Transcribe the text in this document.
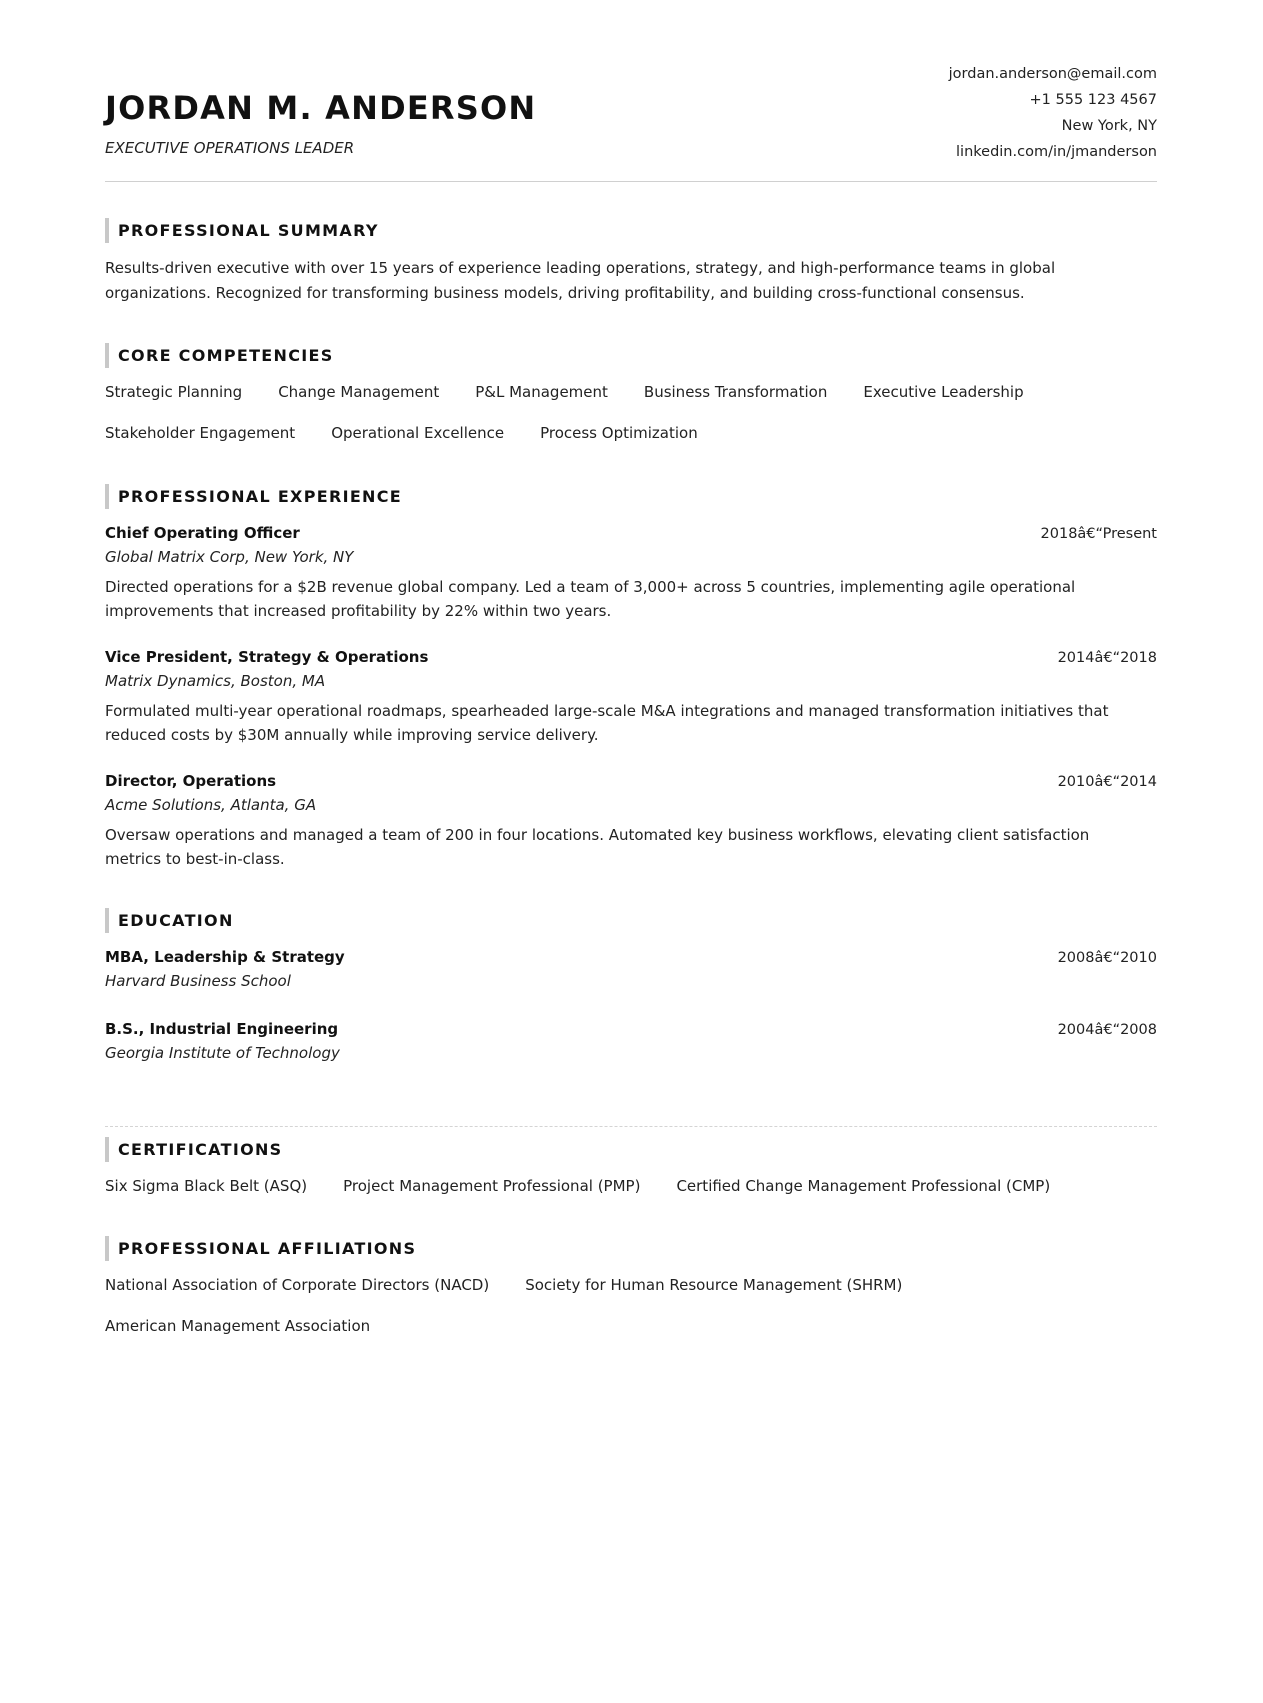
JORDAN M. ANDERSON
EXECUTIVE OPERATIONS LEADER
jordan.anderson@email.com
+1 555 123 4567
New York, NY
linkedin.com/in/jmanderson
PROFESSIONAL SUMMARY

Results-driven executive with over 15 years of experience leading operations, strategy, and high-performance teams in global organizations. Recognized for transforming business models, driving profitability, and building cross-functional consensus.

CORE COMPETENCIES
Strategic Planning Change Management P&L Management Business Transformation Executive Leadership
Stakeholder Engagement Operational Excellence Process Optimization
PROFESSIONAL EXPERIENCE
Chief Operating Officer	2018â€“Present
Global Matrix Corp, New York, NY
Directed operations for a $2B revenue global company. Led a team of 3,000+ across 5 countries, implementing agile operational improvements that increased profitability by 22% within two years.
Vice President, Strategy & Operations	2014â€“2018
Matrix Dynamics, Boston, MA
Formulated multi-year operational roadmaps, spearheaded large-scale M&A integrations and managed transformation initiatives that reduced costs by $30M annually while improving service delivery.
Director, Operations	2010â€“2014
Acme Solutions, Atlanta, GA
Oversaw operations and managed a team of 200 in four locations. Automated key business workflows, elevating client satisfaction metrics to best-in-class.
EDUCATION
MBA, Leadership & Strategy	2008â€“2010
Harvard Business School
B.S., Industrial Engineering	2004â€“2008
Georgia Institute of Technology
CERTIFICATIONS
Six Sigma Black Belt (ASQ) Project Management Professional (PMP) Certified Change Management Professional (CMP)
PROFESSIONAL AFFILIATIONS
National Association of Corporate Directors (NACD) Society for Human Resource Management (SHRM)
American Management Association
